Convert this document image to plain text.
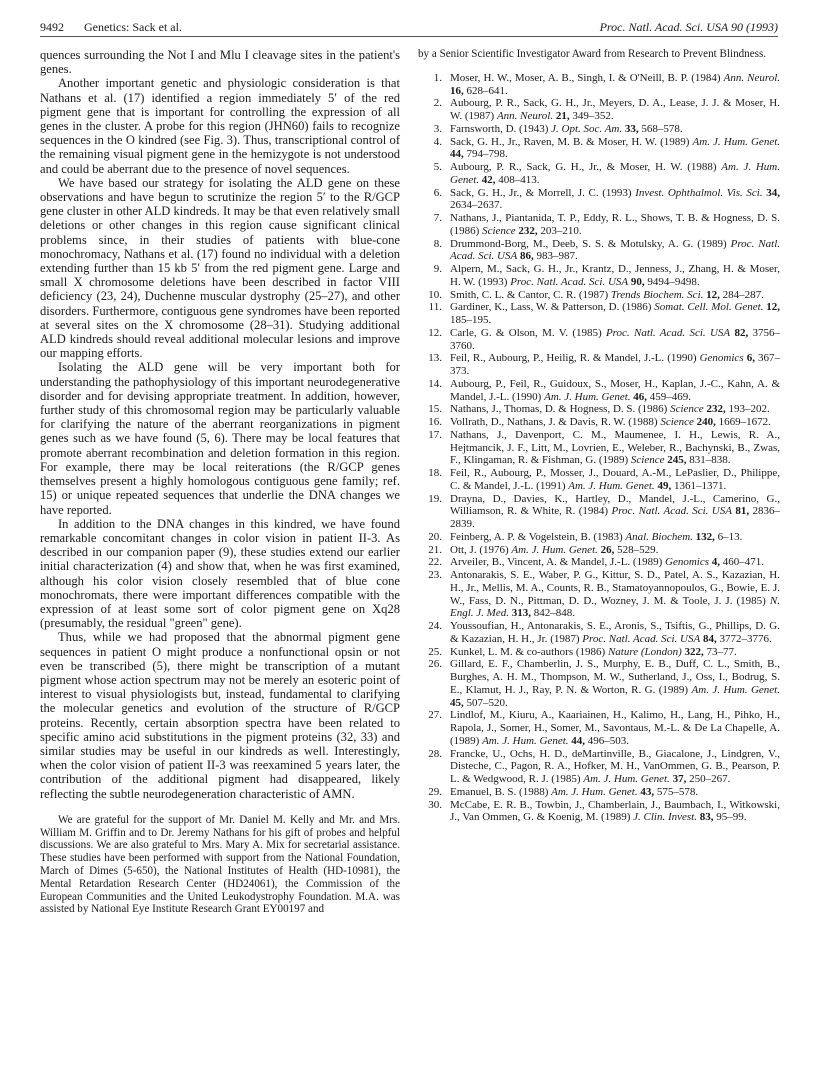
9492 Genetics: Sack et al.	Proc. Natl. Acad. Sci. USA 90 (1993)

quences surrounding the Not I and Mlu I cleavage sites in the patient's genes.

Another important genetic and physiologic consideration is that Nathans et al. (17) identified a region immediately 5′ of the red pigment gene that is important for controlling the expression of all genes in the cluster. A probe for this region (JHN60) fails to recognize sequences in the O kindred (see Fig. 3). Thus, transcriptional control of the remaining visual pigment gene in the hemizygote is not understood and could be aberrant due to the presence of novel sequences.

We have based our strategy for isolating the ALD gene on these observations and have begun to scrutinize the region 5′ to the R/GCP gene cluster in other ALD kindreds. It may be that even relatively small deletions or other changes in this region cause significant clinical problems since, in their studies of patients with blue-cone monochromacy, Nathans et al. (17) found no individual with a deletion extending further than 15 kb 5′ from the red pigment gene. Large and small X chromosome deletions have been described in factor VIII deficiency (23, 24), Duchenne muscular dystrophy (25–27), and other disorders. Furthermore, contiguous gene syndromes have been reported at several sites on the X chromosome (28–31). Studying additional ALD kindreds should reveal additional molecular lesions and improve our mapping efforts.

Isolating the ALD gene will be very important both for understanding the pathophysiology of this important neurodegenerative disorder and for devising appropriate treatment. In addition, however, further study of this chromosomal region may be particularly valuable for clarifying the nature of the aberrant reorganizations in pigment genes such as we have found (5, 6). There may be local features that promote aberrant recombination and deletion formation in this region. For example, there may be local reiterations (the R/GCP genes themselves present a highly homologous contiguous gene family; ref. 15) or unique repeated sequences that underlie the DNA changes we have reported.

In addition to the DNA changes in this kindred, we have found remarkable concomitant changes in color vision in patient II-3. As described in our companion paper (9), these studies extend our earlier initial characterization (4) and show that, when he was first examined, although his color vision closely resembled that of blue cone monochromats, there were important differences compatible with the expression of at least some sort of color pigment gene on Xq28 (presumably, the residual "green" gene).

Thus, while we had proposed that the abnormal pigment gene sequences in patient O might produce a nonfunctional opsin or not even be transcribed (5), there might be transcription of a mutant pigment whose action spectrum may not be merely an esoteric point of interest to visual physiologists but, instead, fundamental to clarifying the molecular genetics and evolution of the structure of R/GCP proteins. Recently, certain absorption spectra have been related to specific amino acid substitutions in the pigment proteins (32, 33) and similar studies may be useful in our kindreds as well. Interestingly, when the color vision of patient II-3 was reexamined 5 years later, the contribution of the additional pigment had disappeared, likely reflecting the subtle neurodegeneration characteristic of AMN.

We are grateful for the support of Mr. Daniel M. Kelly and Mr. and Mrs. William M. Griffin and to Dr. Jeremy Nathans for his gift of probes and helpful discussions. We are also grateful to Mrs. Mary A. Mix for secretarial assistance. These studies have been performed with support from the National Foundation, March of Dimes (5-650), the National Institutes of Health (HD-10981), the Mental Retardation Research Center (HD24061), the Commission of the European Communities and the United Leukodystrophy Foundation. M.A. was assisted by National Eye Institute Research Grant EY00197 and

by a Senior Scientific Investigator Award from Research to Prevent Blindness.

1. Moser, H. W., Moser, A. B., Singh, I. & O'Neill, B. P. (1984) Ann. Neurol. 16, 628–641.
2. Aubourg, P. R., Sack, G. H., Jr., Meyers, D. A., Lease, J. J. & Moser, H. W. (1987) Ann. Neurol. 21, 349–352.
3. Farnsworth, D. (1943) J. Opt. Soc. Am. 33, 568–578.
4. Sack, G. H., Jr., Raven, M. B. & Moser, H. W. (1989) Am. J. Hum. Genet. 44, 794–798.
5. Aubourg, P. R., Sack, G. H., Jr., & Moser, H. W. (1988) Am. J. Hum. Genet. 42, 408–413.
6. Sack, G. H., Jr., & Morrell, J. C. (1993) Invest. Ophthalmol. Vis. Sci. 34, 2634–2637.
7. Nathans, J., Piantanida, T. P., Eddy, R. L., Shows, T. B. & Hogness, D. S. (1986) Science 232, 203–210.
8. Drummond-Borg, M., Deeb, S. S. & Motulsky, A. G. (1989) Proc. Natl. Acad. Sci. USA 86, 983–987.
9. Alpern, M., Sack, G. H., Jr., Krantz, D., Jenness, J., Zhang, H. & Moser, H. W. (1993) Proc. Natl. Acad. Sci. USA 90, 9494–9498.
10. Smith, C. L. & Cantor, C. R. (1987) Trends Biochem. Sci. 12, 284–287.
11. Gardiner, K., Lass, W. & Patterson, D. (1986) Somat. Cell. Mol. Genet. 12, 185–195.
12. Carle, G. & Olson, M. V. (1985) Proc. Natl. Acad. Sci. USA 82, 3756–3760.
13. Feil, R., Aubourg, P., Heilig, R. & Mandel, J.-L. (1990) Genomics 6, 367–373.
14. Aubourg, P., Feil, R., Guidoux, S., Moser, H., Kaplan, J.-C., Kahn, A. & Mandel, J.-L. (1990) Am. J. Hum. Genet. 46, 459–469.
15. Nathans, J., Thomas, D. & Hogness, D. S. (1986) Science 232, 193–202.
16. Vollrath, D., Nathans, J. & Davis, R. W. (1988) Science 240, 1669–1672.
17. Nathans, J., Davenport, C. M., Maumenee, I. H., Lewis, R. A., Hejtmancik, J. F., Litt, M., Lovrien, E., Weleber, R., Bachynski, B., Zwas, F., Klingaman, R. & Fishman, G. (1989) Science 245, 831–838.
18. Feil, R., Aubourg, P., Mosser, J., Douard, A.-M., LePaslier, D., Philippe, C. & Mandel, J.-L. (1991) Am. J. Hum. Genet. 49, 1361–1371.
19. Drayna, D., Davies, K., Hartley, D., Mandel, J.-L., Camerino, G., Williamson, R. & White, R. (1984) Proc. Natl. Acad. Sci. USA 81, 2836–2839.
20. Feinberg, A. P. & Vogelstein, B. (1983) Anal. Biochem. 132, 6–13.
21. Ott, J. (1976) Am. J. Hum. Genet. 26, 528–529.
22. Arveiler, B., Vincent, A. & Mandel, J.-L. (1989) Genomics 4, 460–471.
23. Antonarakis, S. E., Waber, P. G., Kittur, S. D., Patel, A. S., Kazazian, H. H., Jr., Mellis, M. A., Counts, R. B., Stamatoyannopoulos, G., Bowie, E. J. W., Fass, D. N., Pittman, D. D., Wozney, J. M. & Toole, J. J. (1985) N. Engl. J. Med. 313, 842–848.
24. Youssoufian, H., Antonarakis, S. E., Aronis, S., Tsiftis, G., Phillips, D. G. & Kazazian, H. H., Jr. (1987) Proc. Natl. Acad. Sci. USA 84, 3772–3776.
25. Kunkel, L. M. & co-authors (1986) Nature (London) 322, 73–77.
26. Gillard, E. F., Chamberlin, J. S., Murphy, E. B., Duff, C. L., Smith, B., Burghes, A. H. M., Thompson, M. W., Sutherland, J., Oss, I., Bodrug, S. E., Klamut, H. J., Ray, P. N. & Worton, R. G. (1989) Am. J. Hum. Genet. 45, 507–520.
27. Lindlof, M., Kiuru, A., Kaariainen, H., Kalimo, H., Lang, H., Pihko, H., Rapola, J., Somer, H., Somer, M., Savontaus, M.-L. & De La Chapelle, A. (1989) Am. J. Hum. Genet. 44, 496–503.
28. Francke, U., Ochs, H. D., deMartinville, B., Giacalone, J., Lindgren, V., Disteche, C., Pagon, R. A., Hofker, M. H., VanOmmen, G. B., Pearson, P. L. & Wedgwood, R. J. (1985) Am. J. Hum. Genet. 37, 250–267.
29. Emanuel, B. S. (1988) Am. J. Hum. Genet. 43, 575–578.
30. McCabe, E. R. B., Towbin, J., Chamberlain, J., Baumbach, I., Witkowski, J., Van Ommen, G. & Koenig, M. (1989) J. Clin. Invest. 83, 95–99.
